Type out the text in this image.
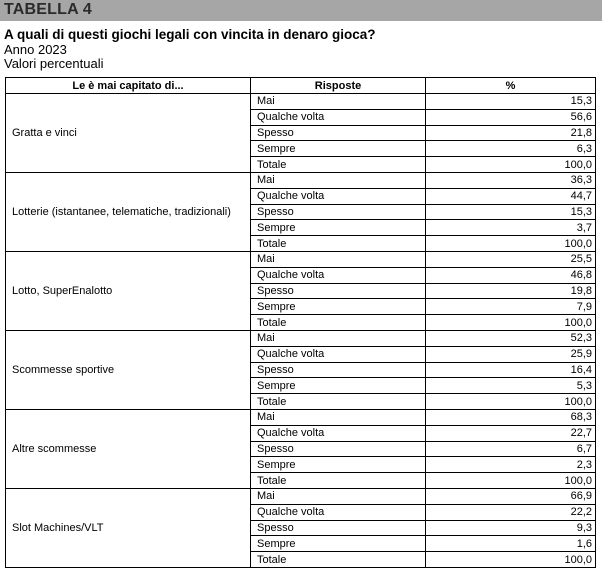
TABELLA 4
A quali di questi giochi legali con vincita in denaro gioca?
Anno 2023
Valori percentuali
Le è mai capitato di...	Risposte	%
Gratta e vinci	Mai	15,3
	Qualche volta	56,6
	Spesso	21,8
	Sempre	6,3
	Totale	100,0
Lotterie (istantanee, telematiche, tradizionali)	Mai	36,3
	Qualche volta	44,7
	Spesso	15,3
	Sempre	3,7
	Totale	100,0
Lotto, SuperEnalotto	Mai	25,5
	Qualche volta	46,8
	Spesso	19,8
	Sempre	7,9
	Totale	100,0
Scommesse sportive	Mai	52,3
	Qualche volta	25,9
	Spesso	16,4
	Sempre	5,3
	Totale	100,0
Altre scommesse	Mai	68,3
	Qualche volta	22,7
	Spesso	6,7
	Sempre	2,3
	Totale	100,0
Slot Machines/VLT	Mai	66,9
	Qualche volta	22,2
	Spesso	9,3
	Sempre	1,6
	Totale	100,0
